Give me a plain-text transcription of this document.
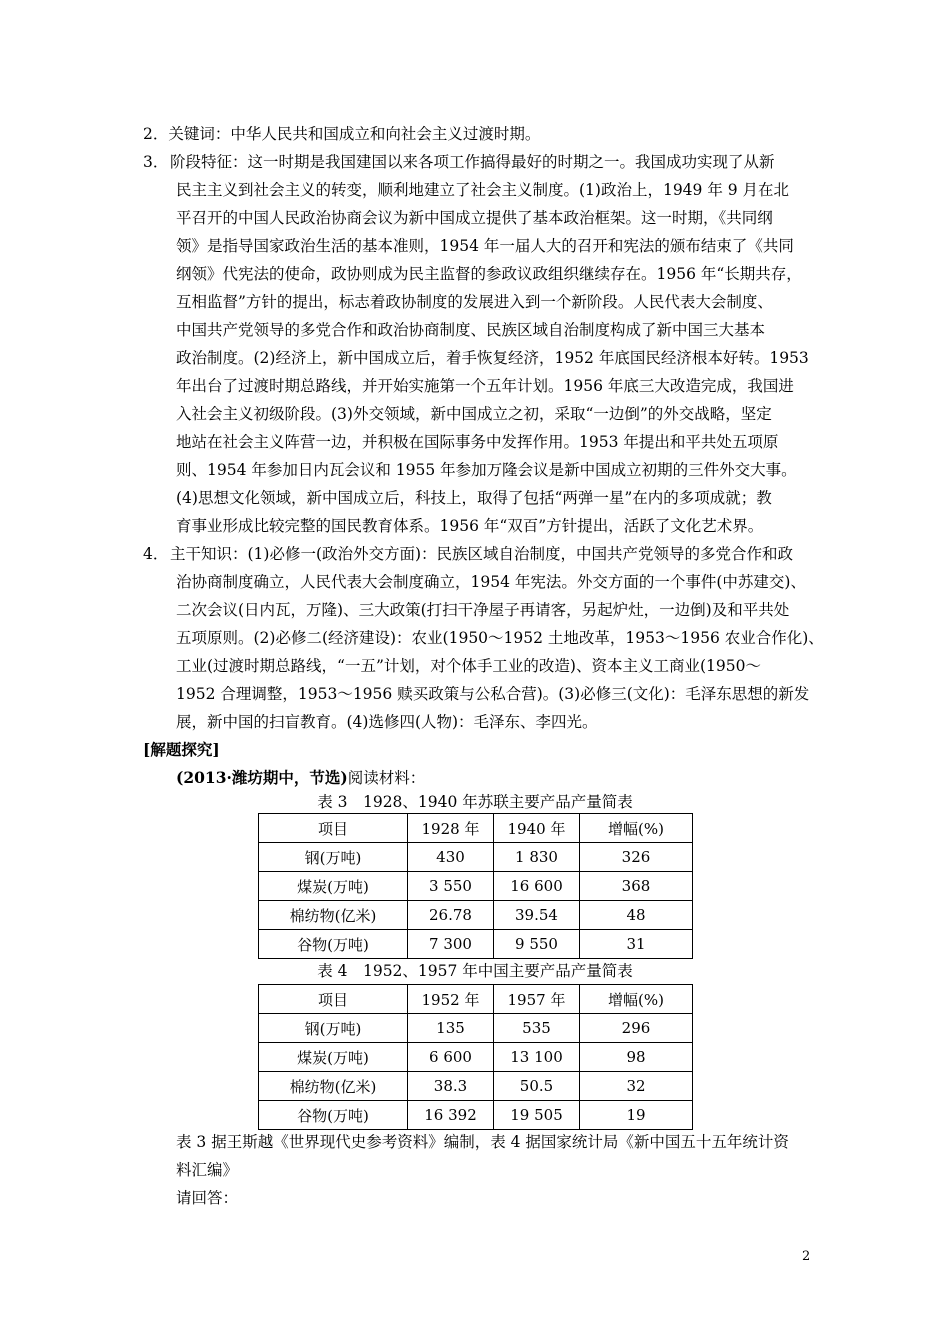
2．关键词：中华人民共和国成立和向社会主义过渡时期。
3． 阶段特征：这一时期是我国建国以来各项工作搞得最好的时期之一。我国成功实现了从新
民主主义到社会主义的转变，顺利地建立了社会主义制度。(1)政治上，1949 年 9 月在北
平召开的中国人民政治协商会议为新中国成立提供了基本政治框架。这一时期，《共同纲
领》是指导国家政治生活的基本准则，1954 年一届人大的召开和宪法的颁布结束了《共同
纲领》代宪法的使命，政协则成为民主监督的参政议政组织继续存在。1956 年“长期共存，
互相监督”方针的提出，标志着政协制度的发展进入到一个新阶段。人民代表大会制度、
中国共产党领导的多党合作和政治协商制度、民族区域自治制度构成了新中国三大基本
政治制度。(2)经济上，新中国成立后，着手恢复经济，1952 年底国民经济根本好转。1953
年出台了过渡时期总路线，并开始实施第一个五年计划。1956 年底三大改造完成，我国进
入社会主义初级阶段。(3)外交领域，新中国成立之初，采取“一边倒”的外交战略，坚定
地站在社会主义阵营一边，并积极在国际事务中发挥作用。1953 年提出和平共处五项原
则、1954 年参加日内瓦会议和 1955 年参加万隆会议是新中国成立初期的三件外交大事。
(4)思想文化领域，新中国成立后，科技上，取得了包括“两弹一星”在内的多项成就；教
育事业形成比较完整的国民教育体系。1956 年“双百”方针提出，活跃了文化艺术界。
4． 主干知识：(1)必修一(政治外交方面)：民族区域自治制度，中国共产党领导的多党合作和政
治协商制度确立，人民代表大会制度确立，1954 年宪法。外交方面的一个事件(中苏建交)、
二次会议(日内瓦，万隆)、三大政策(打扫干净屋子再请客，另起炉灶，一边倒)及和平共处
五项原则。(2)必修二(经济建设)：农业(1950～1952 土地改革，1953～1956 农业合作化)、
工业(过渡时期总路线，“一五”计划，对个体手工业的改造)、资本主义工商业(1950～
1952 合理调整，1953～1956 赎买政策与公私合营)。(3)必修三(文化)：毛泽东思想的新发
展，新中国的扫盲教育。(4)选修四(人物)：毛泽东、李四光。
[解题探究]
(2013·潍坊期中，节选)阅读材料：
表 3　1928、1940 年苏联主要产品产量简表
项目	1928 年	1940 年	增幅(%)
钢(万吨)	430	1 830	326
煤炭(万吨)	3 550	16 600	368
棉纺物(亿米)	26.78	39.54	48
谷物(万吨)	7 300	9 550	31
表 4　1952、1957 年中国主要产品产量简表
项目	1952 年	1957 年	增幅(%)
钢(万吨)	135	535	296
煤炭(万吨)	6 600	13 100	98
棉纺物(亿米)	38.3	50.5	32
谷物(万吨)	16 392	19 505	19
表 3 据王斯越《世界现代史参考资料》编制，表 4 据国家统计局《新中国五十五年统计资
料汇编》
请回答：
2
